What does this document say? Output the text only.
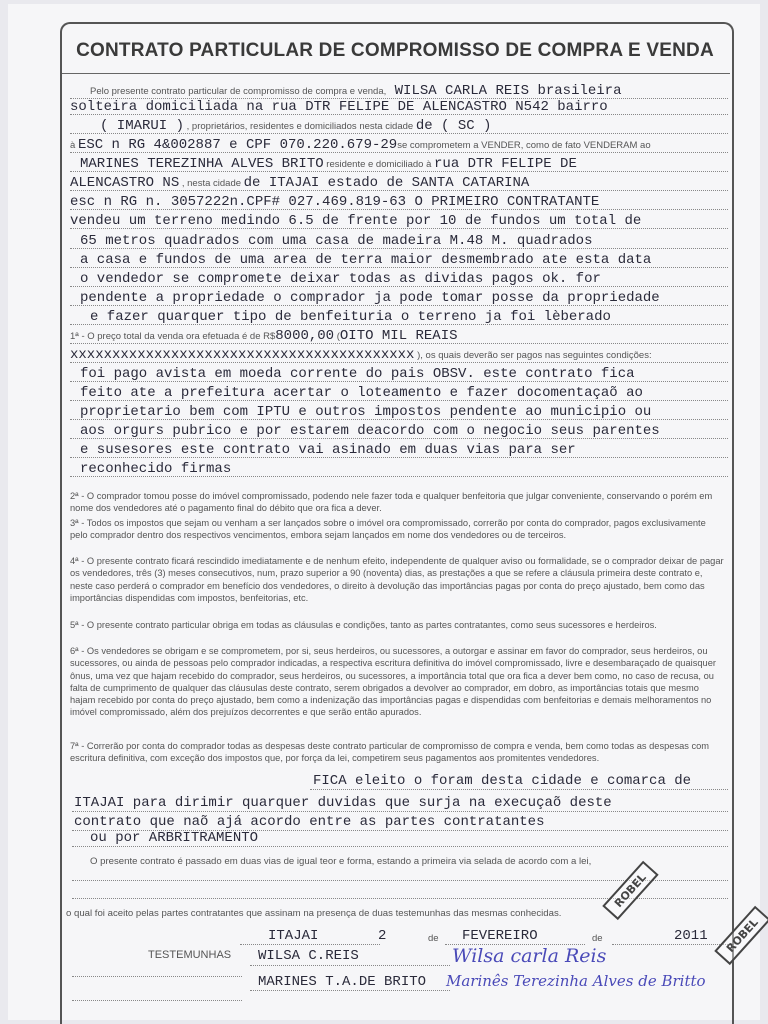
CONTRATO PARTICULAR DE COMPROMISSO DE COMPRA E VENDA
Pelo presente contrato particular de compromisso de compra e venda, WILSA CARLA REIS brasileira
solteira domiciliada na rua DTR FELIPE DE ALENCASTRO N542 bairro
( IMARUI ) , proprietários, residentes e domiciliados nesta cidade de ( SC )
à ESC n RG 4&002887 e CPF 070.220.679-29se comprometem a VENDER, como de fato VENDERAM ao
MARINES TEREZINHA ALVES BRITO residente e domiciliado à rua DTR FELIPE DE
ALENCASTRO NS , nesta cidade de ITAJAI estado de SANTA CATARINA
esc n RG n. 3057222n.CPF# 027.469.819-63 O PRIMEIRO CONTRATANTE
vendeu um terreno medindo 6.5 de frente por 10 de fundos um total de
65 metros quadrados com uma casa de madeira M.48 M. quadrados
a casa e fundos de uma area de terra maior desmembrado ate esta data
o vendedor se compromete deixar todas as dividas pagos ok. for
pendente a propriedade o comprador ja pode tomar posse da propriedade
e fazer quarquer tipo de benfeituria o terreno ja foi lèberado
1ª - O preço total da venda ora efetuada é de R$8000,00 (OITO MIL REAIS
xxxxxxxxxxxxxxxxxxxxxxxxxxxxxxxxxxxxxxxxx ), os quais deverão ser pagos nas seguintes condições:
foi pago avista em moeda corrente do pais OBSV. este contrato fica
feito ate a prefeitura acertar o loteamento e fazer docomentaçaõ ao
proprietario bem com IPTU e outros impostos pendente ao municipio ou
aos orgurs pubrico e por estarem deacordo com o negocio seus parentes
e susesores este contrato vai asinado em duas vias para ser
reconhecido firmas
2ª - O comprador tomou posse do imóvel compromissado, podendo nele fazer toda e qualquer benfeitoria que julgar conveniente, conservando o porém em nome dos vendedores até o pagamento final do débito que ora fica a dever.
3ª - Todos os impostos que sejam ou venham a ser lançados sobre o imóvel ora compromissado, correrão por conta do comprador, pagos exclusivamente pelo comprador dentro dos respectivos vencimentos, embora sejam lançados em nome dos vendedores ou de terceiros.
4ª - O presente contrato ficará rescindido imediatamente e de nenhum efeito, independente de qualquer aviso ou formalidade, se o comprador deixar de pagar os vendedores, três (3) meses consecutivos, num, prazo superior a 90 (noventa) dias, as prestações a que se refere a cláusula primeira deste contrato e, neste caso perderá o comprador em benefício dos vendedores, o direito à devolução das importâncias pagas por conta do preço ajustado, bem como das importâncias dispendidas com impostos, benfeitorias, etc.
5ª - O presente contrato particular obriga em todas as cláusulas e condições, tanto as partes contratantes, como seus sucessores e herdeiros.
6ª - Os vendedores se obrigam e se comprometem, por si, seus herdeiros, ou sucessores, a outorgar e assinar em favor do comprador, seus herdeiros, ou sucessores, ou ainda de pessoas pelo comprador indicadas, a respectiva escritura definitiva do imóvel compromissado, livre e desembaraçado de quaisquer ônus, uma vez que hajam recebido do comprador, seus herdeiros, ou sucessores, a importância total que ora fica a dever bem como, no caso de recusa, ou falta de cumprimento de qualquer das cláusulas deste contrato, serem obrigados a devolver ao comprador, em dobro, as importâncias totais que mesmo hajam recebido por conta do preço ajustado, bem como a indenização das importâncias pagas e dispendidas com benfeitorias e demais melhoramentos no imóvel compromissado, além dos prejuízos decorrentes e que serão então apurados.
7ª - Correrão por conta do comprador todas as despesas deste contrato particular de compromisso de compra e venda, bem como todas as despesas com escritura definitiva, com exceção dos impostos que, por força da lei, competirem seus pagamentos aos promitentes vendedores.
FICA eleito o foram desta cidade e comarca de
ITAJAI para dirimir quarquer duvidas que surja na execuçaõ deste
contrato que naõ ajá acordo entre as partes contratantes
ou por ARBRITRAMENTO
O presente contrato é passado em duas vias de igual teor e forma, estando a primeira via selada de acordo com a lei,
o qual foi aceito pelas partes contratantes que assinam na presença de duas testemunhas das mesmas conhecidas.
ITAJAI	2	de FEVEREIRO	de	2011
TESTEMUNHAS WILSA C.REIS
MARINES T.A.DE BRITO
Wilsa carla Reis
Marinês Terezinha Alves de Britto
ROBEL
ROBEL
